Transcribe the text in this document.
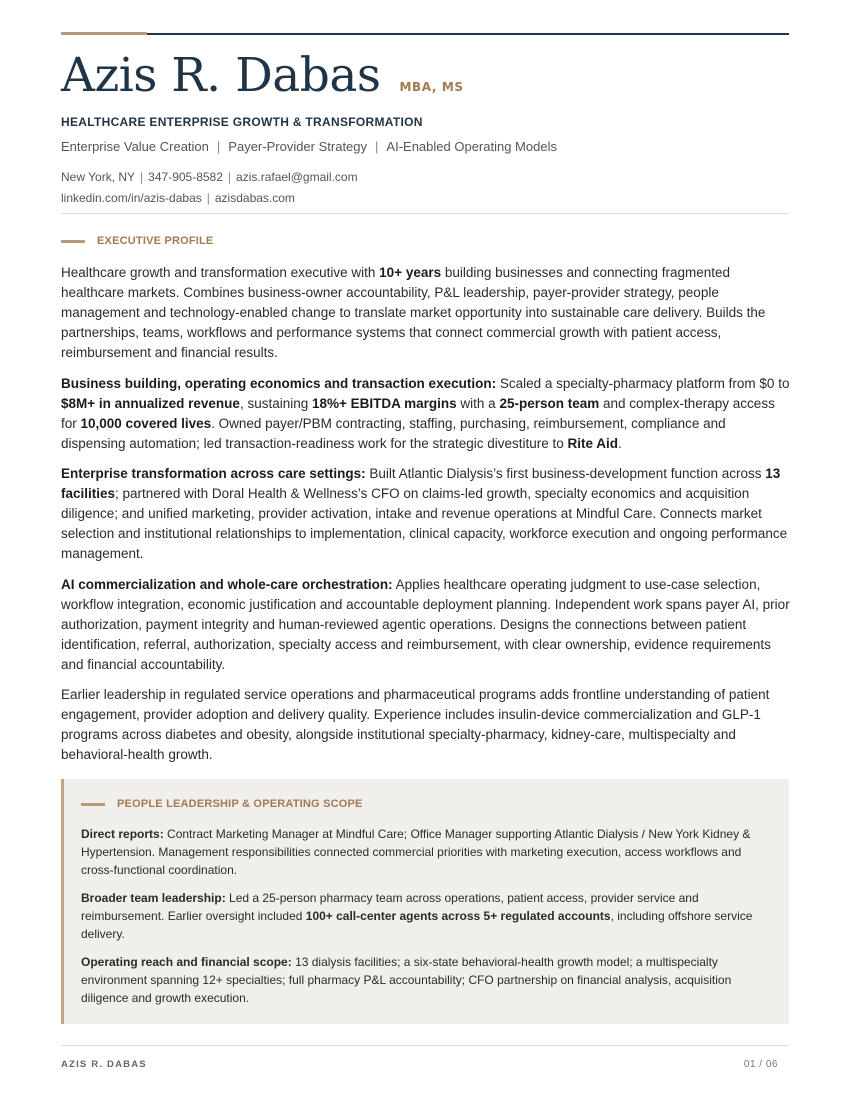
Azis R. Dabas MBA, MS
HEALTHCARE ENTERPRISE GROWTH & TRANSFORMATION
Enterprise Value Creation | Payer-Provider Strategy | AI-Enabled Operating Models
New York, NY | 347-905-8582 | azis.rafael@gmail.com
linkedin.com/in/azis-dabas | azisdabas.com
EXECUTIVE PROFILE
Healthcare growth and transformation executive with 10+ years building businesses and connecting fragmented healthcare markets. Combines business-owner accountability, P&L leadership, payer-provider strategy, people management and technology-enabled change to translate market opportunity into sustainable care delivery. Builds the partnerships, teams, workflows and performance systems that connect commercial growth with patient access, reimbursement and financial results.
Business building, operating economics and transaction execution: Scaled a specialty-pharmacy platform from $0 to $8M+ in annualized revenue, sustaining 18%+ EBITDA margins with a 25-person team and complex-therapy access for 10,000 covered lives. Owned payer/PBM contracting, staffing, purchasing, reimbursement, compliance and dispensing automation; led transaction-readiness work for the strategic divestiture to Rite Aid.
Enterprise transformation across care settings: Built Atlantic Dialysis’s first business-development function across 13 facilities; partnered with Doral Health & Wellness’s CFO on claims-led growth, specialty economics and acquisition diligence; and unified marketing, provider activation, intake and revenue operations at Mindful Care. Connects market selection and institutional relationships to implementation, clinical capacity, workforce execution and ongoing performance management.
AI commercialization and whole-care orchestration: Applies healthcare operating judgment to use-case selection, workflow integration, economic justification and accountable deployment planning. Independent work spans payer AI, prior authorization, payment integrity and human-reviewed agentic operations. Designs the connections between patient identification, referral, authorization, specialty access and reimbursement, with clear ownership, evidence requirements and financial accountability.
Earlier leadership in regulated service operations and pharmaceutical programs adds frontline understanding of patient engagement, provider adoption and delivery quality. Experience includes insulin-device commercialization and GLP-1 programs across diabetes and obesity, alongside institutional specialty-pharmacy, kidney-care, multispecialty and behavioral-health growth.
PEOPLE LEADERSHIP & OPERATING SCOPE
Direct reports: Contract Marketing Manager at Mindful Care; Office Manager supporting Atlantic Dialysis / New York Kidney & Hypertension. Management responsibilities connected commercial priorities with marketing execution, access workflows and cross-functional coordination.
Broader team leadership: Led a 25-person pharmacy team across operations, patient access, provider service and reimbursement. Earlier oversight included 100+ call-center agents across 5+ regulated accounts, including offshore service delivery.
Operating reach and financial scope: 13 dialysis facilities; a six-state behavioral-health growth model; a multispecialty environment spanning 12+ specialties; full pharmacy P&L accountability; CFO partnership on financial analysis, acquisition diligence and growth execution.
AZIS R. DABAS	01 / 06
